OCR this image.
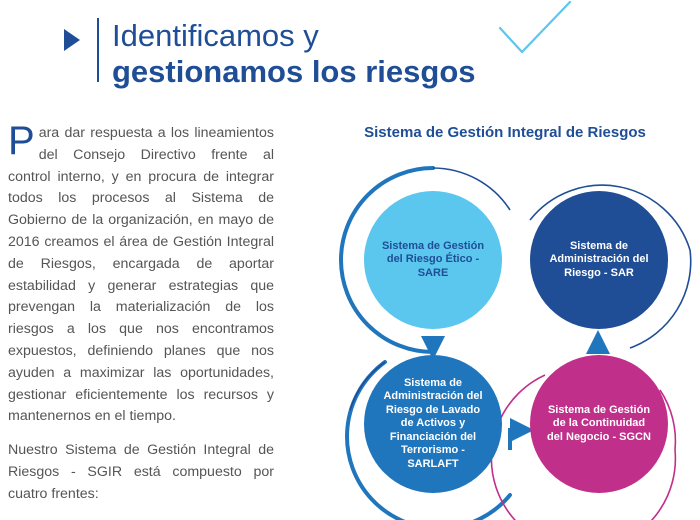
Identificamos y
gestionamos los riesgos

Para dar respuesta a los lineamientos del Consejo Directivo frente al control interno, y en procura de integrar todos los procesos al Sistema de Gobierno de la organización, en mayo de 2016 creamos el área de Gestión Integral de Riesgos, encargada de aportar estabilidad y generar estrategias que prevengan la materialización de los riesgos a los que nos encontramos expuestos, definiendo planes que nos ayuden a maximizar las oportunidades, gestionar eficientemente los recursos y mantenernos en el tiempo.

Nuestro Sistema de Gestión Integral de Riesgos - SGIR está compuesto por cuatro frentes:

Sistema de Gestión Integral de Riesgos
Sistema de Gestión del Riesgo Ético - SARE
Sistema de Administración del Riesgo - SAR
Sistema de Administración del Riesgo de Lavado de Activos y Financiación del Terrorismo - SARLAFT
Sistema de Gestión de la Continuidad del Negocio - SGCN
